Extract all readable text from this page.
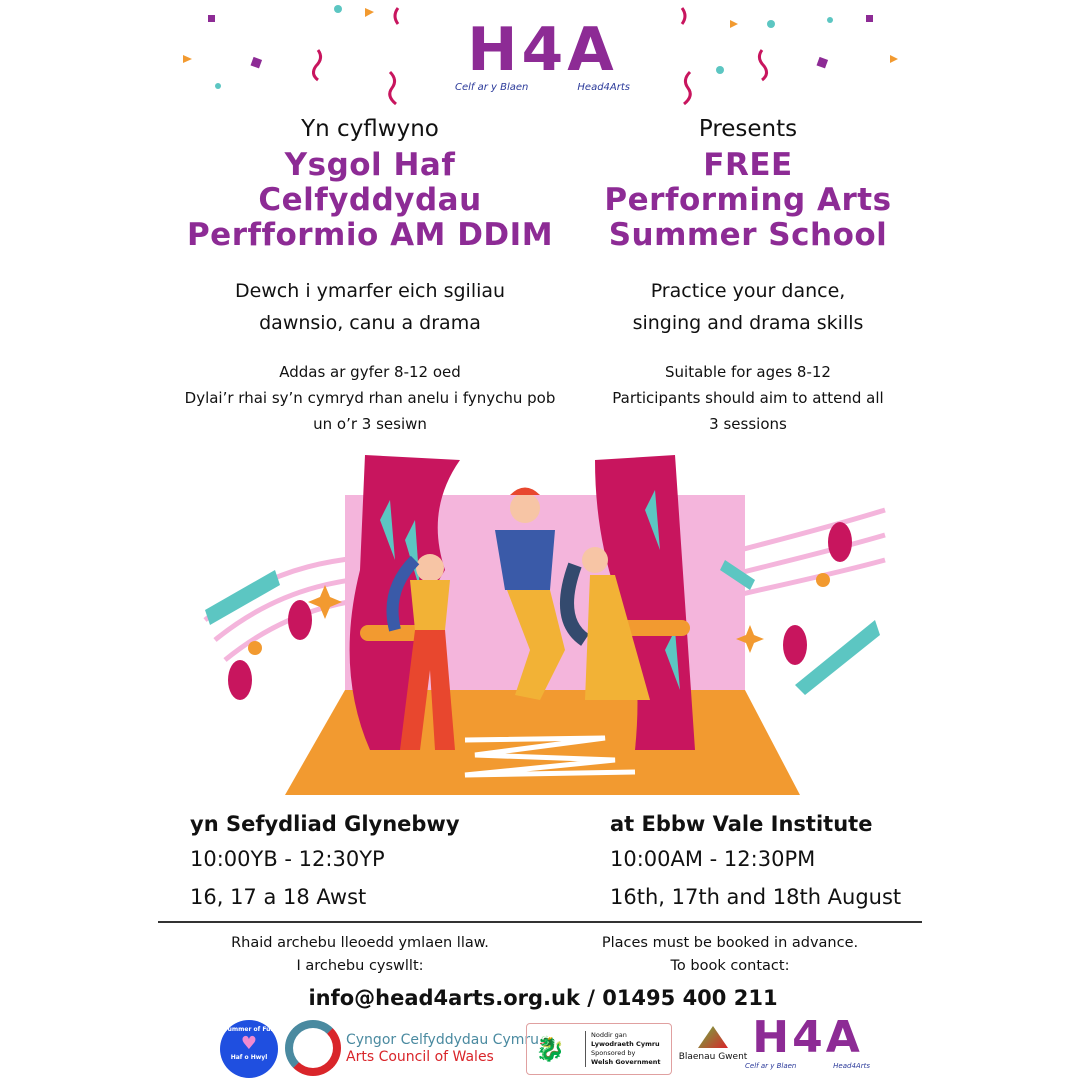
H4A
Celf ar y Blaen	Head4Arts
Yn cyflwyno
Ysgol Haf
Celfyddydau
Perfformio AM DDIM
Dewch i ymarfer eich sgiliau
dawnsio, canu a drama
Addas ar gyfer 8-12 oed
Dylai’r rhai sy’n cymryd rhan anelu i fynychu pob
un o’r 3 sesiwn
Presents
FREE
Performing Arts
Summer School
Practice your dance,
singing and drama skills
Suitable for ages 8-12
Participants should aim to attend all
3 sessions
yn Sefydliad Glynebwy
10:00YB - 12:30YP
16, 17 a 18 Awst
at Ebbw Vale Institute
10:00AM - 12:30PM
16th, 17th and 18th August
Rhaid archebu lleoedd ymlaen llaw.
I archebu cyswllt:
Places must be booked in advance.
To book contact:
info@head4arts.org.uk / 01495 400 211
Summer of Fun
♥
Haf o Hwyl
Cyngor Celfyddydau Cymru
Arts Council of Wales	🐉	Noddir gan
Lywodraeth Cymru
Sponsored by
Welsh Government Blaenau Gwent H4A
Celf ar y Blaen	Head4Arts
